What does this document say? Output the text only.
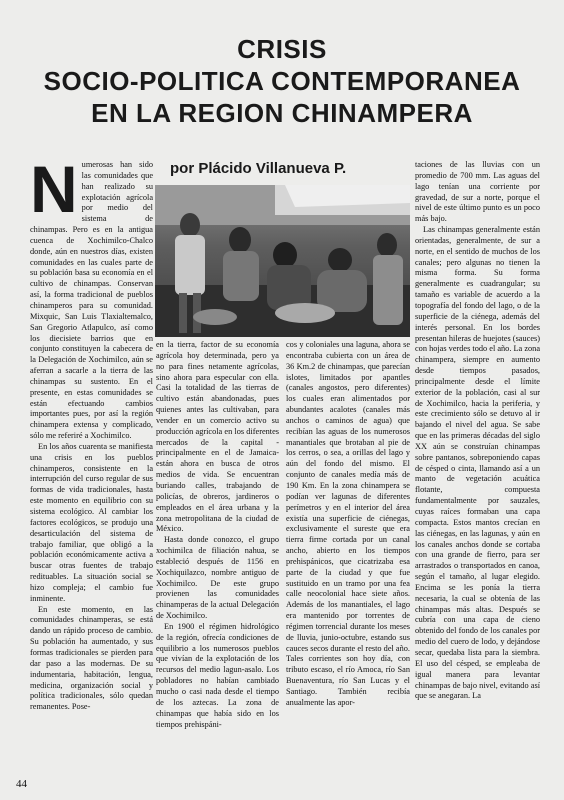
CRISIS
SOCIO-POLITICA CONTEMPORANEA
EN LA REGION CHINAMPERA
N umerosas han sido las comunidades que han realizado su explotación agrícola por medio del sistema de chinampas. Pero es en la antigua cuenca de Xochimilco-Chalco donde, aún en nuestros días, existen comunidades en las cuales parte de su población basa su economía en el cultivo de chinampas. Conservan así, la forma tradicional de pueblos chinamperos para su comunidad. Mixquic, San Luis Tlaxialtemalco, San Gregorio Atlapulco, así como los diecisiete barrios que en conjunto constituyen la cabecera de la Delegación de Xochimilco, aún se aferran a sacarle a la tierra de las chinampas su sustento. En el presente, en estas comunidades se están efectuando cambios importantes pues, por así la región chinampera extensa y complicado, sólo me referiré a Xochimilco.

En los años cuarenta se manifiesta una crisis en los pueblos chinamperos, consistente en la interrupción del curso regular de sus formas de vida tradicionales, hasta este momento en equilibrio con su sistema ecológico. Al cambiar los factores ecológicos, se produjo una desarticulación del sistema de trabajo familiar, que obligó a la población económicamente activa a buscar otras fuentes de trabajo redituables. La situación social se hizo compleja; el cambio fue inminente.

En este momento, en las comunidades chinamperas, se está dando un rápido proceso de cambio. Su población ha aumentado, y sus formas tradicionales se pierden para dar paso a las modernas. De su indumentaria, habitación, lengua, medicina, organización social y política tradicionales, sólo quedan remanentes. Pose-

por Plácido Villanueva P.

en la tierra, factor de su economía agrícola hoy determinada, pero ya no para fines netamente agrícolas, sino ahora para especular con ella. Casi la totalidad de las tierras de cultivo están abandonadas, pues quienes antes las cultivaban, para vender en un comercio activo su producción agrícola en los diferentes mercados de la capital -principalmente en el de Jamaica- están ahora en busca de otros medios de vida. Se encuentran buriando calles, trabajando de policías, de obreros, jardineros o empleados en el área urbana y la zona metropolitana de la ciudad de México.

Hasta donde conozco, el grupo xochimilca de filiación nahua, se estableció después de 1156 en Xochiquilazco, nombre antiguo de Xochimilco. De este grupo provienen las comunidades chinamperas de la actual Delegación de Xochimilco.

En 1900 el régimen hidrológico de la región, ofrecía condiciones de equilibrio a los numerosos pueblos que vivían de la explotación de los recursos del medio lagun-asalo. Los pobladores no habían cambiado mucho o casi nada desde el tiempo de los aztecas. La zona de chinampas que había sido en los tiempos prehispáni-

cos y coloniales una laguna, ahora se encontraba cubierta con un área de 36 Km.2 de chinampas, que parecían islotes, limitados por apantles (canales angostos, pero diferentes) los cuales eran alimentados por abundantes acalotes (canales más anchos o caminos de agua) que recibían las aguas de los numerosos manantiales que brotaban al pie de los cerros, o sea, a orillas del lago y aún del fondo del mismo. El conjunto de canales medía más de 190 Km. En la zona chinampera se podían ver lagunas de diferentes perímetros y en el interior del área existía una superficie de ciénegas, exclusivamente el sureste que era tierra firme cortada por un canal ancho, abierto en los tiempos prehispánicos, que cicatrizaba esa parte de la ciudad y que fue sustituido en un tramo por una fea calle neocolonial hace siete años. Además de los manantiales, el lago era mantenido por torrentes de régimen torrencial durante los meses de lluvia, junio-octubre, estando sus cauces secos durante el resto del año. Tales corrientes son hoy día, con tributo escaso, el río Amoca, río San Buenaventura, río San Lucas y el Santiago. También recibía anualmente las apor-

taciones de las lluvias con un promedio de 700 mm. Las aguas del lago tenían una corriente por gravedad, de sur a norte, porque el nivel de este último punto es un poco más bajo.

Las chinampas generalmente están orientadas, generalmente, de sur a norte, en el sentido de muchos de los canales; pero algunas no tienen la misma forma. Su forma generalmente es cuadrangular; su tamaño es variable de acuerdo a la topografía del fondo del lago, o de la superficie de la ciénega, además del interés personal. En los bordes presentan hileras de huejotes (sauces) con hojas verdes todo el año. La zona chinampera, siempre en aumento desde tiempos pasados, principalmente desde el límite exterior de la población, casi al sur de Xochimilco, hacia la periferia, y este crecimiento sólo se detuvo al ir bajando el nivel del agua. Se sabe que en las primeras décadas del siglo XX aún se construían chinampas sobre pantanos, sobreponiendo capas de césped o cinta, llamando así a un manto de vegetación acuática flotante, compuesta fundamentalmente por sauzales, cuyas raíces formaban una capa compacta. Estos mantos crecían en las ciénegas, en las lagunas, y aún en los canales anchos donde se cortaba con una grande de fierro, para ser arrastrados o transportados en canoa, según el tamaño, al lugar elegido. Encima se les ponía la tierra necesaria, la cual se obtenía de las chinampas más altas. Después se cubría con una capa de cieno obtenido del fondo de los canales por medio del cuero de lodo, y dejándose secar, quedaba lista para la siembra. El uso del césped, se empleaba de igual manera para levantar chinampas de bajo nivel, evitando así que se anegaran. La

44
